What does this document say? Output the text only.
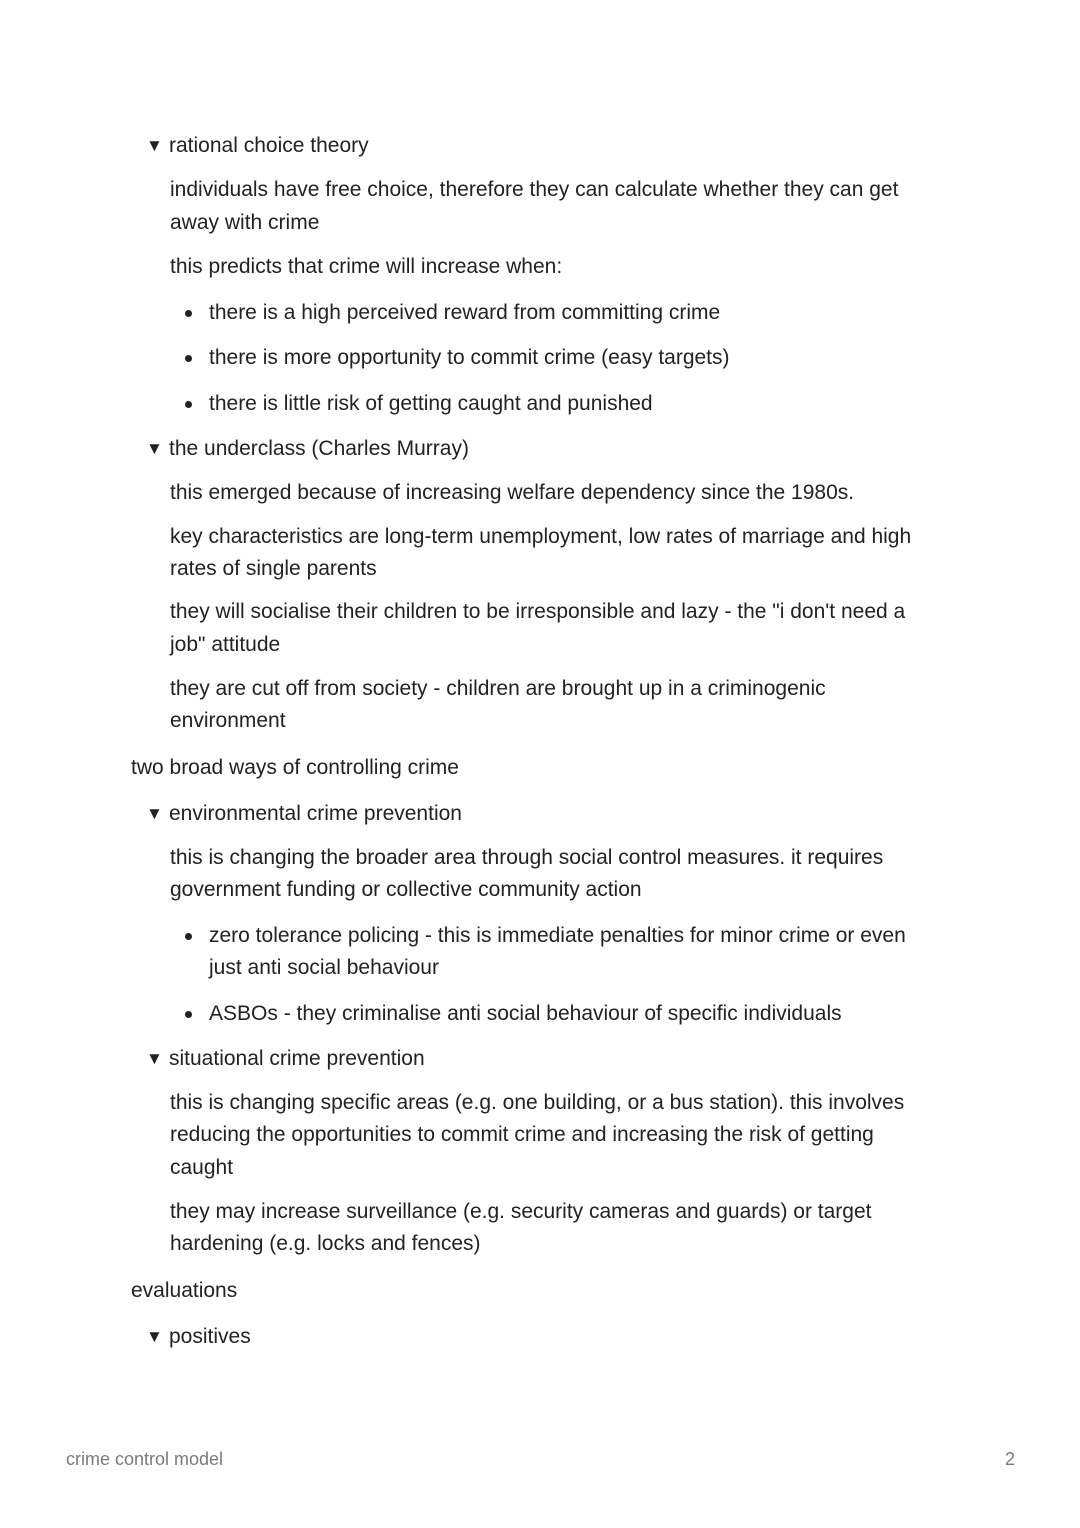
▼ rational choice theory
individuals have free choice, therefore they can calculate whether they can get
away with crime
this predicts that crime will increase when:
there is a high perceived reward from committing crime
there is more opportunity to commit crime (easy targets)
there is little risk of getting caught and punished
▼ the underclass (Charles Murray)
this emerged because of increasing welfare dependency since the 1980s.
key characteristics are long-term unemployment, low rates of marriage and high
rates of single parents
they will socialise their children to be irresponsible and lazy - the "i don't need a
job" attitude
they are cut off from society - children are brought up in a criminogenic
environment
two broad ways of controlling crime
▼ environmental crime prevention
this is changing the broader area through social control measures. it requires
government funding or collective community action
zero tolerance policing - this is immediate penalties for minor crime or even
just anti social behaviour
ASBOs - they criminalise anti social behaviour of specific individuals
▼ situational crime prevention
this is changing specific areas (e.g. one building, or a bus station). this involves
reducing the opportunities to commit crime and increasing the risk of getting
caught
they may increase surveillance (e.g. security cameras and guards) or target
hardening (e.g. locks and fences)
evaluations
▼ positives
crime control model	2
